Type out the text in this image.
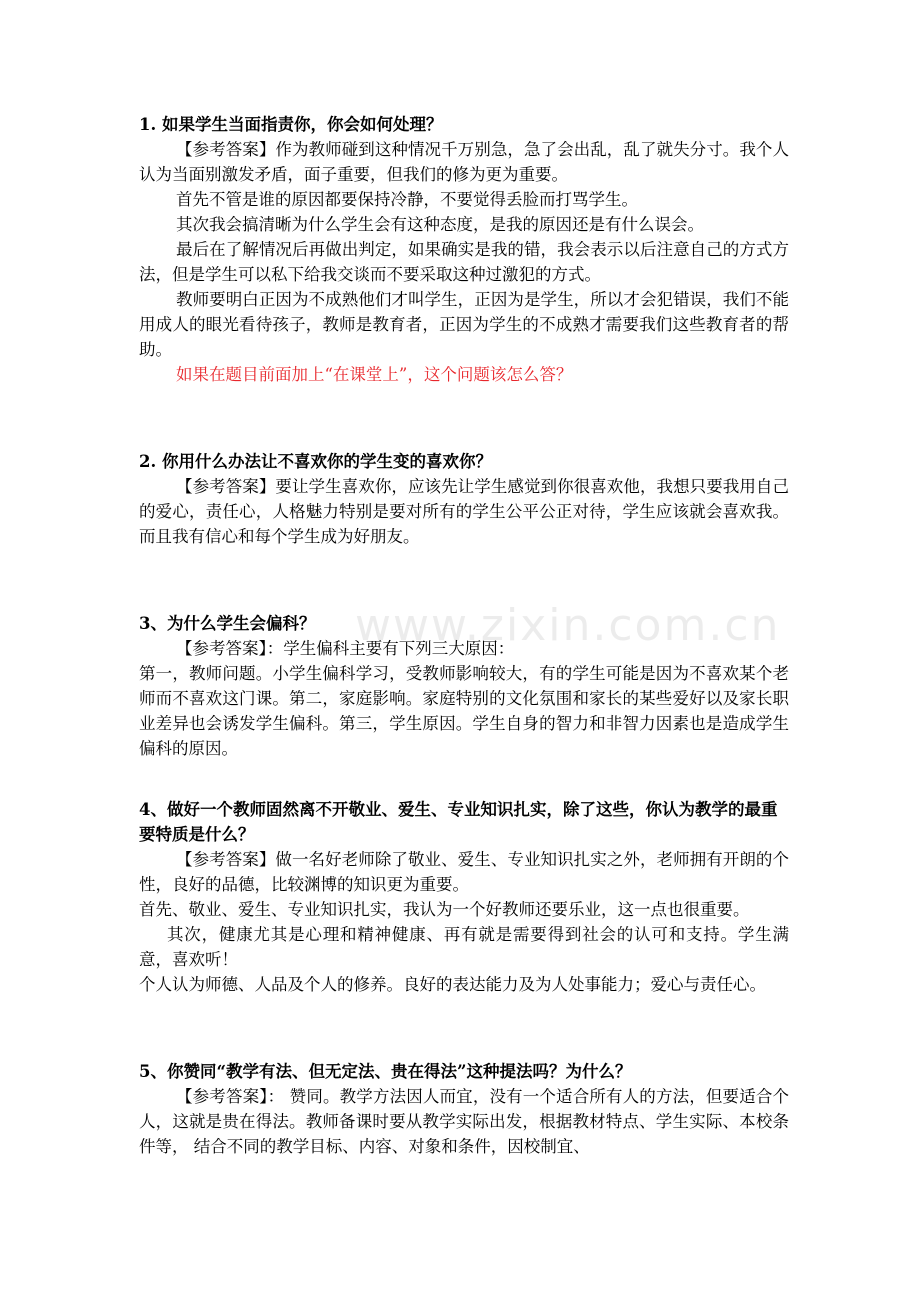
www.zixin.com.cn

1. 如果学生当面指责你，你会如何处理？

【参考答案】作为教师碰到这种情况千万别急，急了会出乱，乱了就失分寸。我个人认为当面别激发矛盾，面子重要，但我们的修为更为重要。

首先不管是谁的原因都要保持冷静，不要觉得丢脸而打骂学生。

其次我会搞清晰为什么学生会有这种态度，是我的原因还是有什么误会。

最后在了解情况后再做出判定，如果确实是我的错，我会表示以后注意自己的方式方法，但是学生可以私下给我交谈而不要采取这种过激犯的方式。

教师要明白正因为不成熟他们才叫学生，正因为是学生，所以才会犯错误，我们不能用成人的眼光看待孩子，教师是教育者，正因为学生的不成熟才需要我们这些教育者的帮助。

如果在题目前面加上“在课堂上”，这个问题该怎么答？

2. 你用什么办法让不喜欢你的学生变的喜欢你？

【参考答案】要让学生喜欢你，应该先让学生感觉到你很喜欢他，我想只要我用自己的爱心，责任心，人格魅力特别是要对所有的学生公平公正对待，学生应该就会喜欢我。而且我有信心和每个学生成为好朋友。

3、为什么学生会偏科？

【参考答案】：学生偏科主要有下列三大原因：

第一，教师问题。小学生偏科学习，受教师影响较大，有的学生可能是因为不喜欢某个老师而不喜欢这门课。第二，家庭影响。家庭特别的文化氛围和家长的某些爱好以及家长职业差异也会诱发学生偏科。第三，学生原因。学生自身的智力和非智力因素也是造成学生偏科的原因。

4、做好一个教师固然离不开敬业、爱生、专业知识扎实，除了这些，你认为教学的最重要特质是什么？

【参考答案】做一名好老师除了敬业、爱生、专业知识扎实之外，老师拥有开朗的个性，良好的品德，比较渊博的知识更为重要。

首先、敬业、爱生、专业知识扎实，我认为一个好教师还要乐业，这一点也很重要。

其次，健康尤其是心理和精神健康、再有就是需要得到社会的认可和支持。学生满意，喜欢听！

个人认为师德、人品及个人的修养。良好的表达能力及为人处事能力；爱心与责任心。

5、你赞同“教学有法、但无定法、贵在得法”这种提法吗？为什么？

【参考答案】： 赞同。教学方法因人而宜，没有一个适合所有人的方法，但要适合个人，这就是贵在得法。教师备课时要从教学实际出发，根据教材特点、学生实际、本校条件等， 结合不同的教学目标、内容、对象和条件，因校制宜、
